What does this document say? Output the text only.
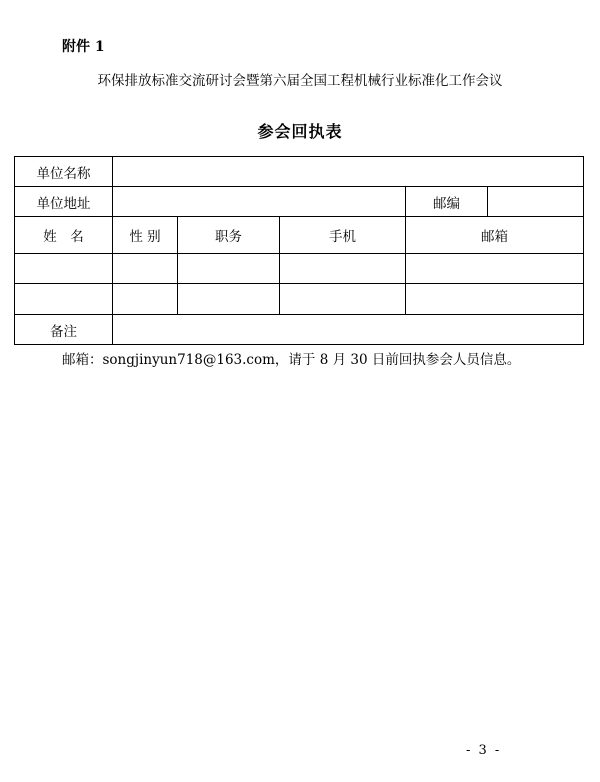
附件 1
环保排放标准交流研讨会暨第六届全国工程机械行业标准化工作会议
参会回执表
单位名称					
单位地址				邮编	
姓　名	性 别	职务	手机	邮箱	

备注					
邮箱：songjinyun718@163.com，请于 8 月 30 日前回执参会人员信息。
- 3 -
